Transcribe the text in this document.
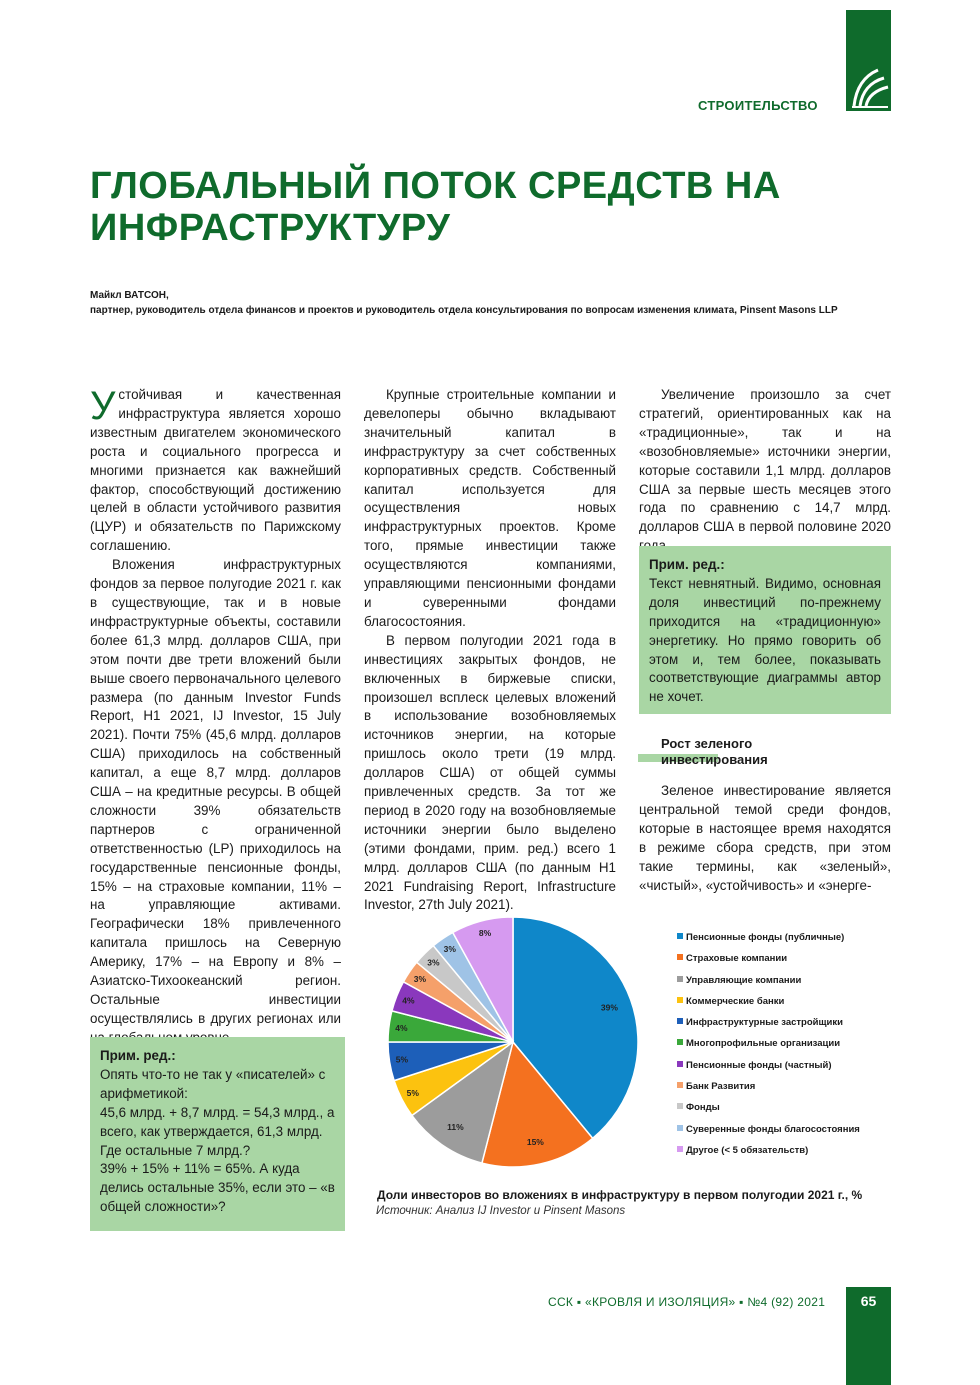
СТРОИТЕЛЬСТВО
ГЛОБАЛЬНЫЙ ПОТОК СРЕДСТВ НА
ИНФРАСТРУКТУРУ
Майкл ВАТСОН,
партнер, руководитель отдела финансов и проектов и руководитель отдела консультирования по вопросам изменения климата, Pinsent Masons LLP

Устойчивая и качественная инфраструктура является хорошо известным двигателем экономического роста и социального прогресса и многими признается как важнейший фактор, способствующий достижению целей в области устойчивого развития (ЦУР) и обязательств по Парижскому соглашению.

Вложения инфраструктурных фондов за первое полугодие 2021 г. как в существующие, так и в новые инфраструктурные объекты, составили более 61,3 млрд. долларов США, при этом почти две трети вложений были выше своего первоначального целевого размера (по данным Investor Funds Report, H1 2021, IJ Investor, 15 July 2021). Почти 75% (45,6 млрд. долларов США) приходилось на собственный капитал, а еще 8,7 млрд. долларов США – на кредитные ресурсы. В общей сложности 39% обязательств партнеров с ограниченной ответственностью (LP) приходилось на государственные пенсионные фонды, 15% – на страховые компании, 11% – на управляющие активами. Географически 18% привлеченного капитала пришлось на Северную Америку, 17% – на Европу и 8% –Азиатско-Тихоокеанский регион. Остальные инвестиции осуществлялись в других регионах или

Прим. ред.:
Опять что-то не так у «писателей» с арифметикой:
45,6 млрд. + 8,7 млрд. = 54,3 млрд., а всего, как утверждается, 61,3 млрд. Где остальные 7 млрд.?
39% + 15% + 11% = 65%. А куда делись остальные 35%, если это – «в общей сложности»?

Крупные строительные компании и девелоперы обычно вкладывают значительный капитал в инфраструктуру за счет собственных корпоративных средств. Собственный капитал используется для осуществления новых инфраструктурных проектов. Кроме того, прямые инвестиции также осуществляются компаниями, управляющими пенсионными фондами и суверенными фондами благосостояния.

В первом полугодии 2021 года в инвестициях закрытых фондов, не включенных в биржевые списки, произошел всплеск целевых вложений в использование возобновляемых источников энергии, на которые пришлось около трети (19 млрд. долларов США) от общей суммы привлеченных средств. За тот же период в 2020 году на возобновляемые источники энергии было выделено (этими фондами, прим. ред.) всего 1 млрд. долларов США (по данным H1 2021 Fundraising Report, Infrastructure Investor, 27th July 2021).

Увеличение произошло за счет стратегий, ориентированных как на «традиционные», так и на «возобновляемые» источники энергии, которые составили 1,1 млрд. долларов США за первые шесть месяцев этого года по сравнению с 14,7 млрд. долларов США в первой половине 2020

Прим. ред.:
Текст невнятный. Видимо, основная доля инвестиций по-прежнему приходится на «традиционную» энергетику. Но прямо говорить об этом и, тем более, показывать соответствующие диаграммы автор не хочет.
Рост зеленого
инвестирования

Зеленое инвестирование является центральной темой среди фондов, которые в настоящее время находятся в режиме сбора средств, при этом такие термины, как «зеленый», «чистый», «устойчивость» и «энерге-

39%
15%
11%
5%
5%
4%
4%
3%
3%
3%
8%	Пенсионные фонды (публичные)
Страховые компании
Управляющие компании
Коммерческие банки
Инфраструктурные застройщики
Многопрофильные организации
Пенсионные фонды (частный)
Банк Развития
Фонды
Суверенные фонды благосостояния
Другое (< 5 обязательств)
Доли инвесторов во вложениях в инфраструктуру в первом полугодии 2021 г., %
Источник: Анализ IJ Investor и Pinsent Masons
ССК ▪ «КРОВЛЯ И ИЗОЛЯЦИЯ» ▪ №4 (92) 2021	65
